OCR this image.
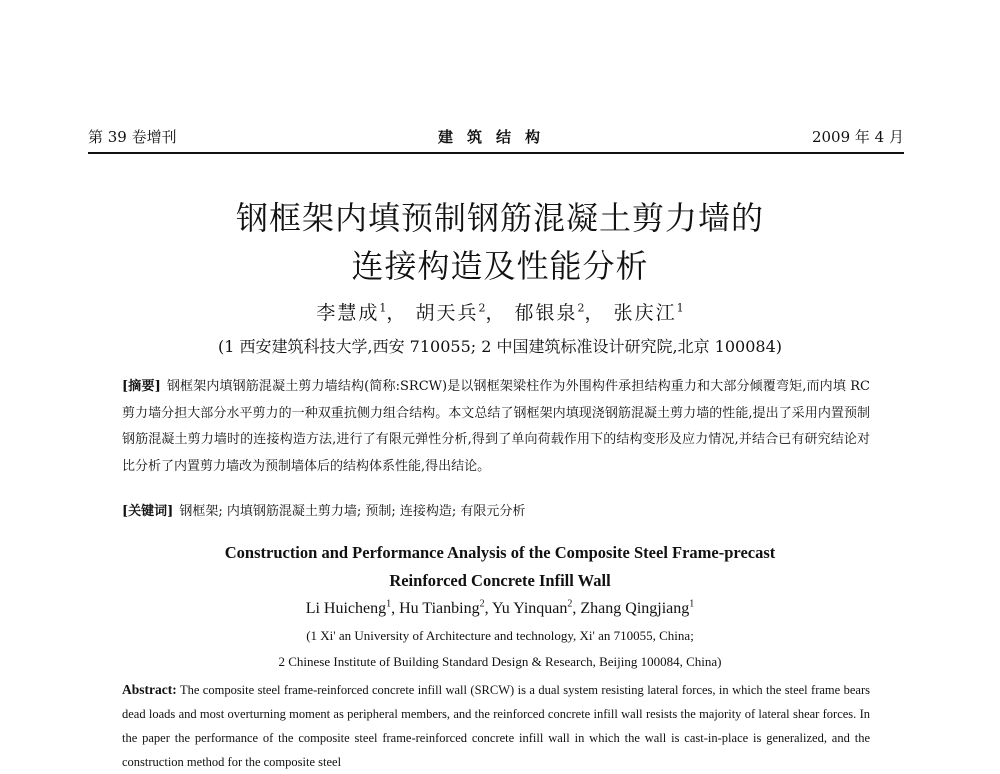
第 39 卷增刊	建筑结构	2009 年 4 月
钢框架内填预制钢筋混凝土剪力墙的
连接构造及性能分析
李慧成$^1$， 胡天兵$^2$， 郁银泉$^2$， 张庆江$^1$
(1 西安建筑科技大学,西安 710055; 2 中国建筑标准设计研究院,北京 100084)
[摘要] 钢框架内填钢筋混凝土剪力墙结构(简称:SRCW)是以钢框架梁柱作为外围构件承担结构重力和大部分倾覆弯矩,而内填 RC 剪力墙分担大部分水平剪力的一种双重抗侧力组合结构。本文总结了钢框架内填现浇钢筋混凝土剪力墙的性能,提出了采用内置预制钢筋混凝土剪力墙时的连接构造方法,进行了有限元弹性分析,得到了单向荷载作用下的结构变形及应力情况,并结合已有研究结论对比分析了内置剪力墙改为预制墙体后的结构体系性能,得出结论。
[关键词] 钢框架; 内填钢筋混凝土剪力墙; 预制; 连接构造; 有限元分析
Construction and Performance Analysis of the Composite Steel Frame-precast
Reinforced Concrete Infill Wall
Li Huicheng$^1$, Hu Tianbing$^2$, Yu Yinquan$^2$, Zhang Qingjiang$^1$
(1 Xi' an University of Architecture and technology, Xi' an 710055, China;
2 Chinese Institute of Building Standard Design & Research, Beijing 100084, China)
Abstract: The composite steel frame-reinforced concrete infill wall (SRCW) is a dual system resisting lateral forces, in which the steel frame bears dead loads and most overturning moment as peripheral members, and the reinforced concrete infill wall resists the majority of lateral shear forces. In the paper the performance of the composite steel frame-reinforced concrete infill wall in which the wall is cast-in-place is generalized, and the construction method for the composite steel
